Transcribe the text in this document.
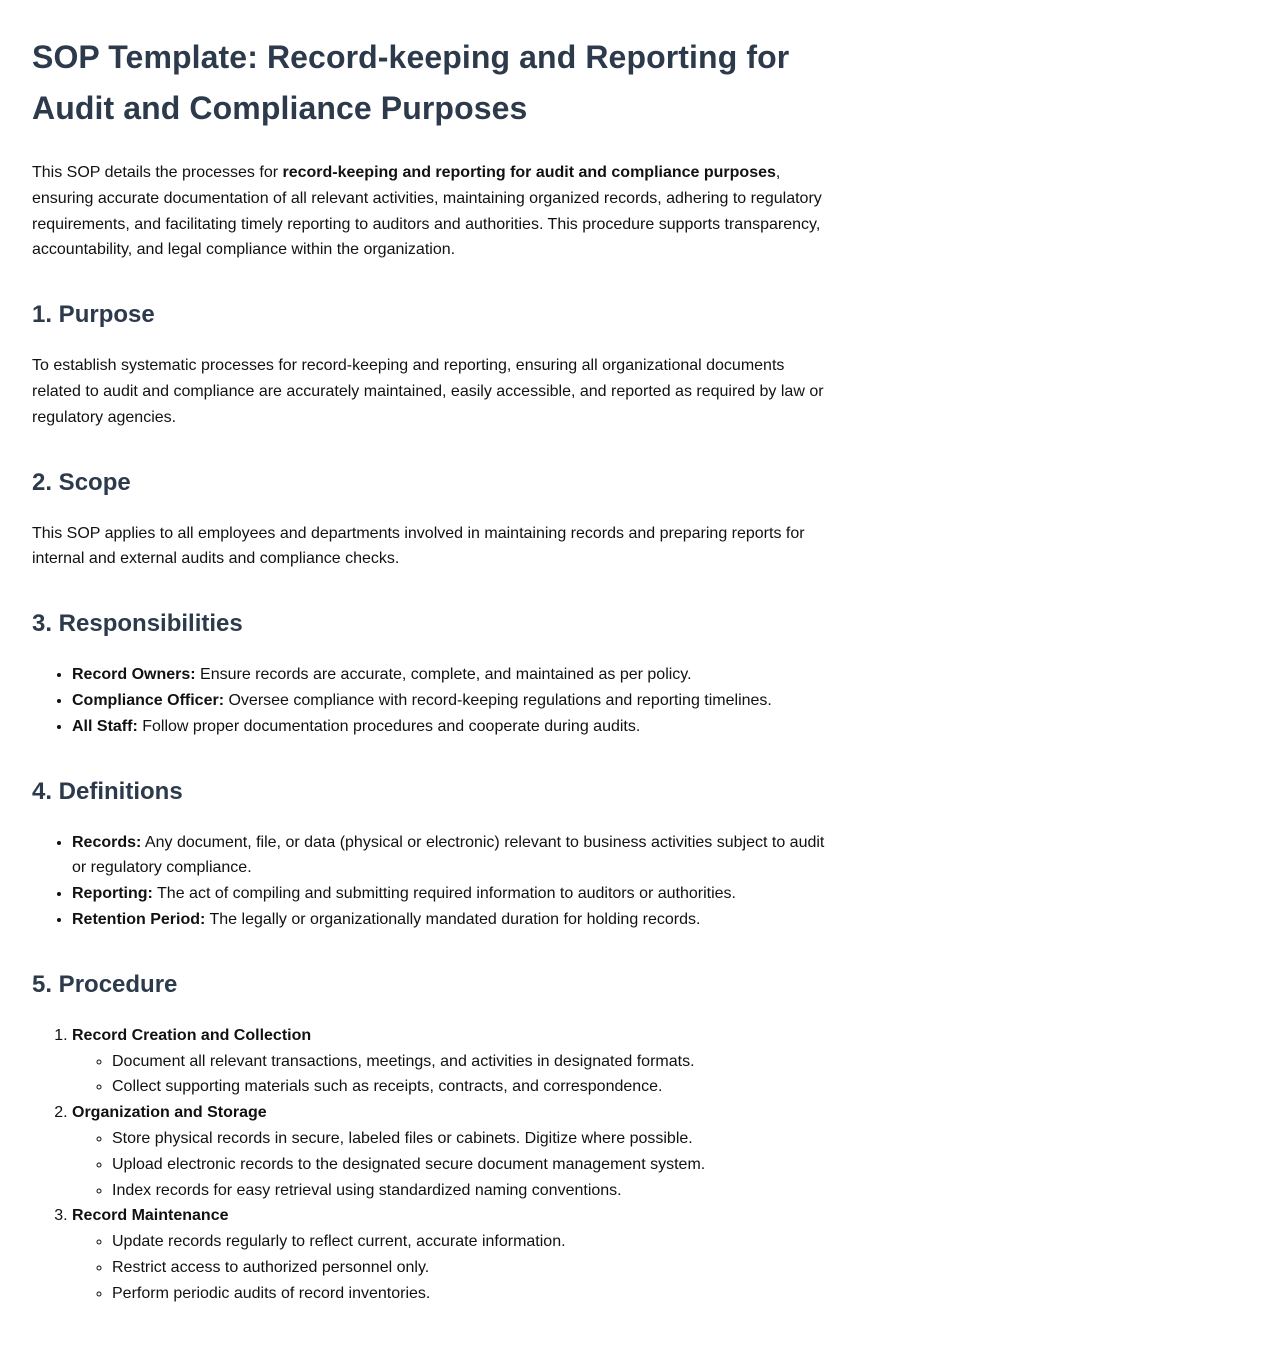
SOP Template: Record-keeping and Reporting for Audit and Compliance Purposes

This SOP details the processes for record-keeping and reporting for audit and compliance purposes, ensuring accurate documentation of all relevant activities, maintaining organized records, adhering to regulatory requirements, and facilitating timely reporting to auditors and authorities. This procedure supports transparency, accountability, and legal compliance within the organization.

1. Purpose

To establish systematic processes for record-keeping and reporting, ensuring all organizational documents related to audit and compliance are accurately maintained, easily accessible, and reported as required by law or regulatory agencies.

2. Scope

This SOP applies to all employees and departments involved in maintaining records and preparing reports for internal and external audits and compliance checks.

3. Responsibilities
• Record Owners: Ensure records are accurate, complete, and maintained as per policy.
• Compliance Officer: Oversee compliance with record-keeping regulations and reporting timelines.
• All Staff: Follow proper documentation procedures and cooperate during audits.
4. Definitions
• Records: Any document, file, or data (physical or electronic) relevant to business activities subject to audit or regulatory compliance.
• Reporting: The act of compiling and submitting required information to auditors or authorities.
• Retention Period: The legally or organizationally mandated duration for holding records.
5. Procedure
1. Record Creation and Collection
◦ Document all relevant transactions, meetings, and activities in designated formats.
◦ Collect supporting materials such as receipts, contracts, and correspondence.
2. Organization and Storage
◦ Store physical records in secure, labeled files or cabinets. Digitize where possible.
◦ Upload electronic records to the designated secure document management system.
◦ Index records for easy retrieval using standardized naming conventions.
3. Record Maintenance
◦ Update records regularly to reflect current, accurate information.
◦ Restrict access to authorized personnel only.
◦ Perform periodic audits of record inventories.
